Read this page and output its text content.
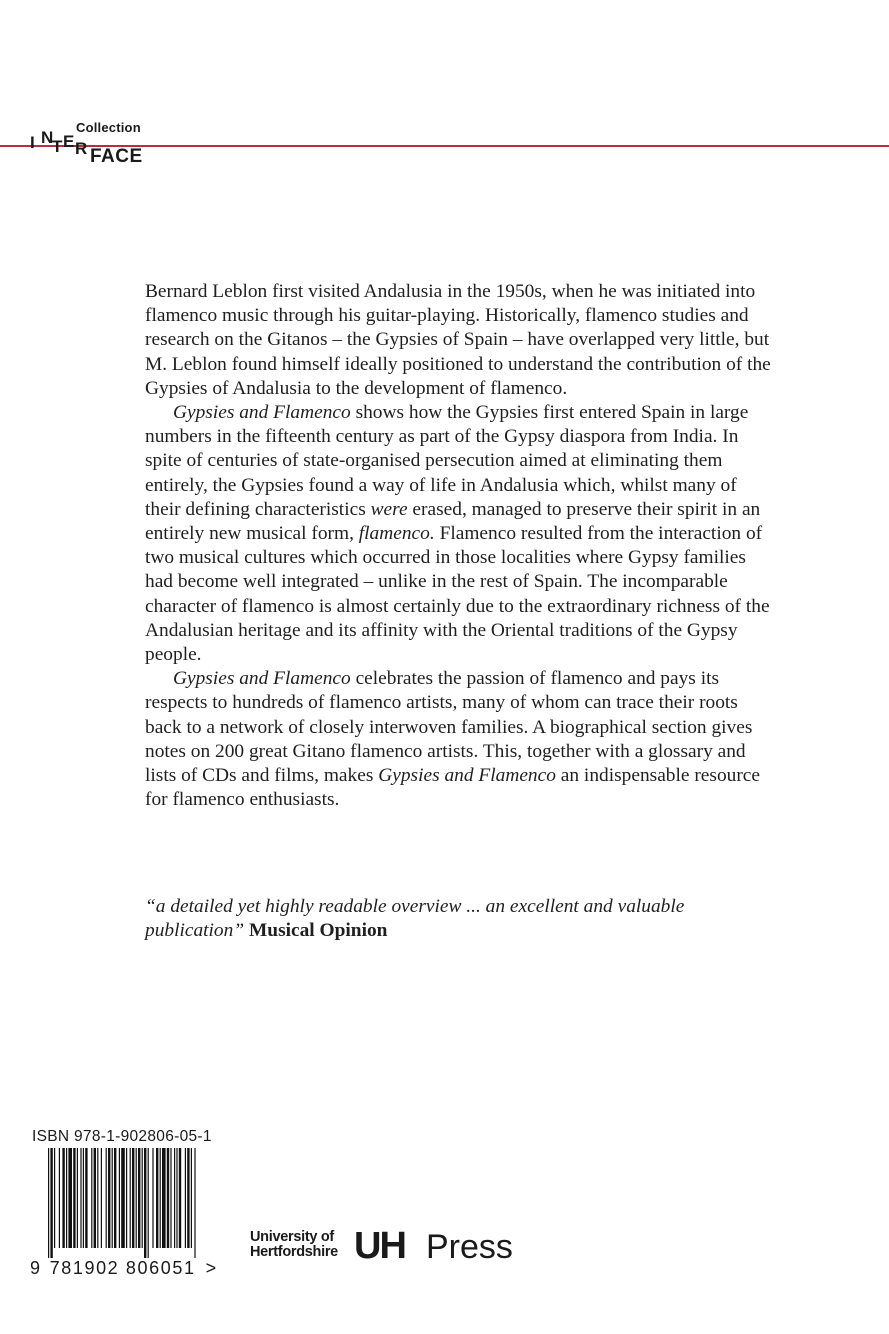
Collection
I N
T E R FACE

Bernard Leblon first visited Andalusia in the 1950s, when he was initiated into flamenco music through his guitar-playing. Historically, flamenco studies and research on the Gitanos – the Gypsies of Spain – have overlapped very little, but M. Leblon found himself ideally positioned to understand the contribution of the Gypsies of Andalusia to the development of flamenco.

Gypsies and Flamenco shows how the Gypsies first entered Spain in large numbers in the fifteenth century as part of the Gypsy diaspora from India. In spite of centuries of state-organised persecution aimed at eliminating them entirely, the Gypsies found a way of life in Andalusia which, whilst many of their defining characteristics were erased, managed to preserve their spirit in an entirely new musical form, flamenco. Flamenco resulted from the interaction of two musical cultures which occurred in those localities where Gypsy families had become well integrated – unlike in the rest of Spain. The incomparable character of flamenco is almost certainly due to the extraordinary richness of the Andalusian heritage and its affinity with the Oriental traditions of the Gypsy people.

Gypsies and Flamenco celebrates the passion of flamenco and pays its respects to hundreds of flamenco artists, many of whom can trace their roots back to a network of closely interwoven families. A biographical section gives notes on 200 great Gitano flamenco artists. This, together with a glossary and lists of CDs and films, makes Gypsies and Flamenco an indispensable resource for flamenco enthusiasts.

“a detailed yet highly readable overview ... an excellent and valuable publication” Musical Opinion
ISBN 978-1-902806-05-1
9 781902 806051 >
University of
Hertfordshire UH Press
